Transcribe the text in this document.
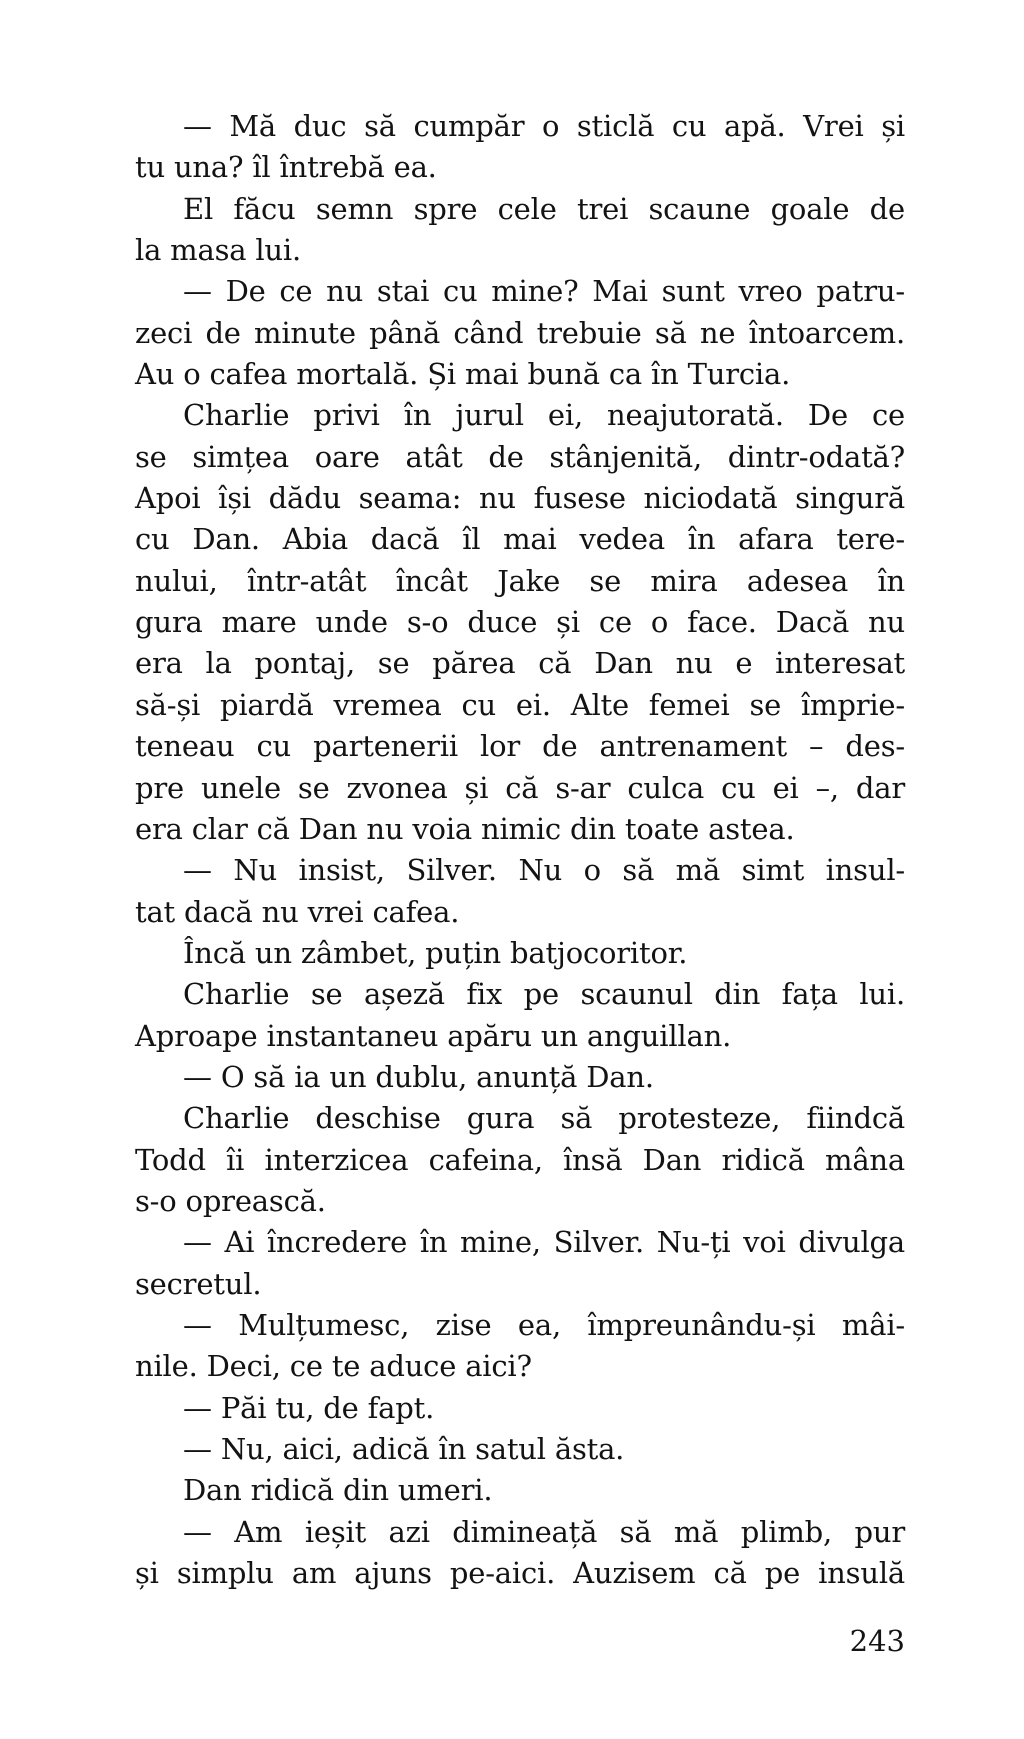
— Mă duc să cumpăr o sticlă cu apă. Vrei și
tu una? îl întrebă ea.
El făcu semn spre cele trei scaune goale de
la masa lui.
— De ce nu stai cu mine? Mai sunt vreo patru-
zeci de minute până când trebuie să ne întoarcem.
Au o cafea mortală. Și mai bună ca în Turcia.
Charlie privi în jurul ei, neajutorată. De ce
se simțea oare atât de stânjenită, dintr-odată?
Apoi își dădu seama: nu fusese niciodată singură
cu Dan. Abia dacă îl mai vedea în afara tere-
nului, într-atât încât Jake se mira adesea în
gura mare unde s-o duce și ce o face. Dacă nu
era la pontaj, se părea că Dan nu e interesat
să-și piardă vremea cu ei. Alte femei se împrie-
teneau cu partenerii lor de antrenament – des-
pre unele se zvonea și că s-ar culca cu ei –, dar
era clar că Dan nu voia nimic din toate astea.
— Nu insist, Silver. Nu o să mă simt insul-
tat dacă nu vrei cafea.
Încă un zâmbet, puțin batjocoritor.
Charlie se așeză fix pe scaunul din fața lui.
Aproape instantaneu apăru un anguillan.
— O să ia un dublu, anunță Dan.
Charlie deschise gura să protesteze, fiindcă
Todd îi interzicea cafeina, însă Dan ridică mâna
s-o oprească.
— Ai încredere în mine, Silver. Nu-ți voi divulga
secretul.
— Mulțumesc, zise ea, împreunându-și mâi-
nile. Deci, ce te aduce aici?
— Păi tu, de fapt.
— Nu, aici, adică în satul ăsta.
Dan ridică din umeri.
— Am ieșit azi dimineață să mă plimb, pur
și simplu am ajuns pe-aici. Auzisem că pe insulă
243
